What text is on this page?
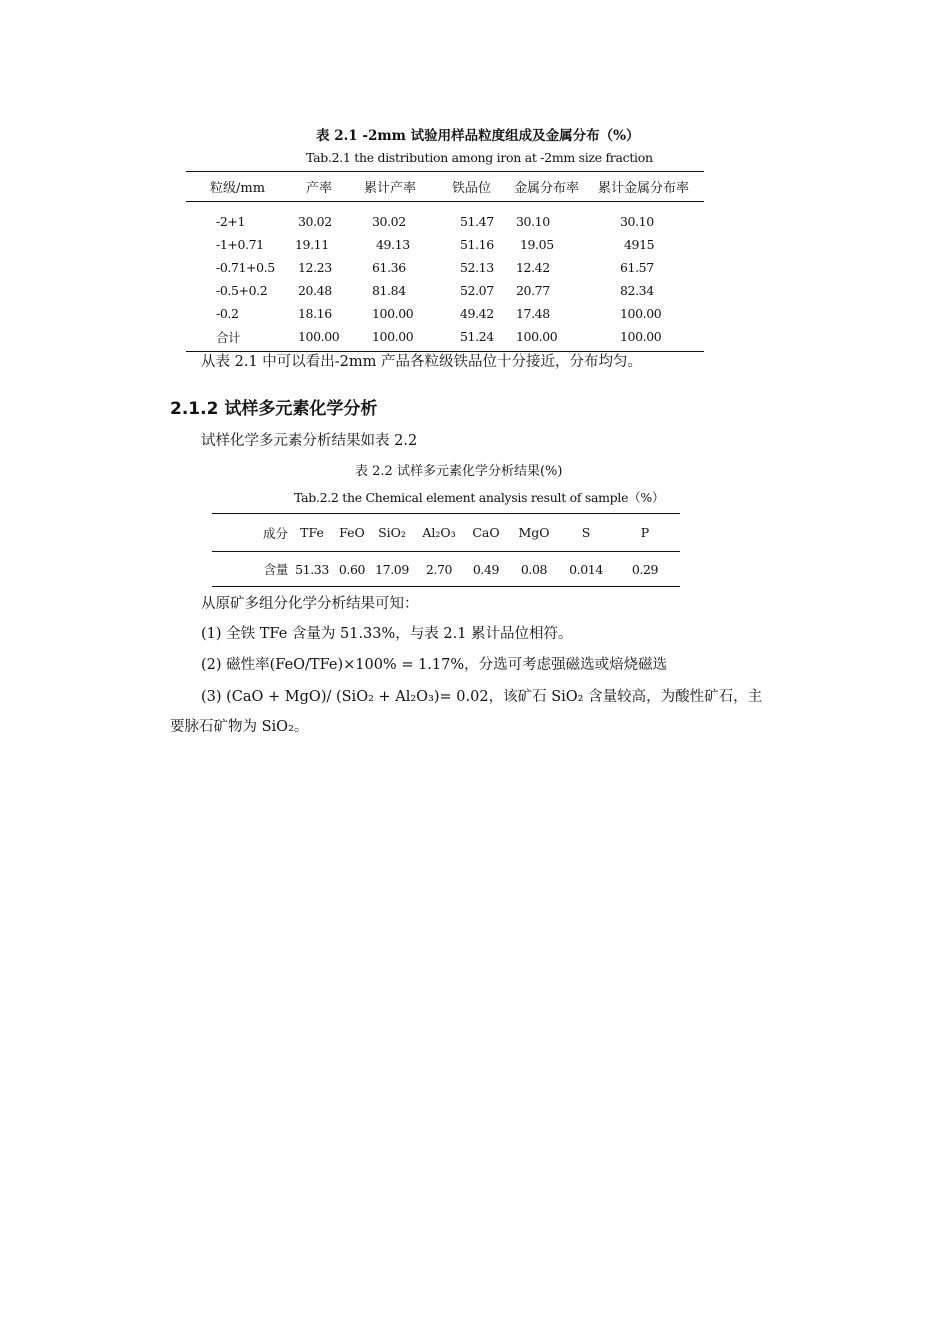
表 2.1 -2mm 试验用样品粒度组成及金属分布（%）
Tab.2.1 the distribution among iron at -2mm size fraction
粒级/mm	产率	累计产率	铁品位	金属分布率	累计金属分布率
-2+1	30.02	30.02	51.47	30.10	30.10
-1+0.71	19.11	49.13	51.16	19.05	4915
-0.71+0.5	12.23	61.36	52.13	12.42	61.57
-0.5+0.2	20.48	81.84	52.07	20.77	82.34
-0.2	18.16	100.00	49.42	17.48	100.00
合计	100.00	100.00	51.24	100.00	100.00
从表 2.1 中可以看出-2mm 产品各粒级铁品位十分接近，分布均匀。
2.1.2 试样多元素化学分析
试样化学多元素分析结果如表 2.2
表 2.2 试样多元素化学分析结果(%)
Tab.2.2 the Chemical element analysis result of sample（%）
成分	TFe	FeO	SiO₂	Al₂O₃	CaO	MgO	S	P
含量	51.33	0.60	17.09	2.70	0.49	0.08	0.014	0.29
从原矿多组分化学分析结果可知：
(1) 全铁 TFe 含量为 51.33%，与表 2.1 累计品位相符。
(2) 磁性率(FeO/TFe)×100% = 1.17%，分选可考虑强磁选或焙烧磁选
(3) (CaO + MgO)/ (SiO₂ + Al₂O₃)= 0.02，该矿石 SiO₂ 含量较高，为酸性矿石，主
要脉石矿物为 SiO₂。
